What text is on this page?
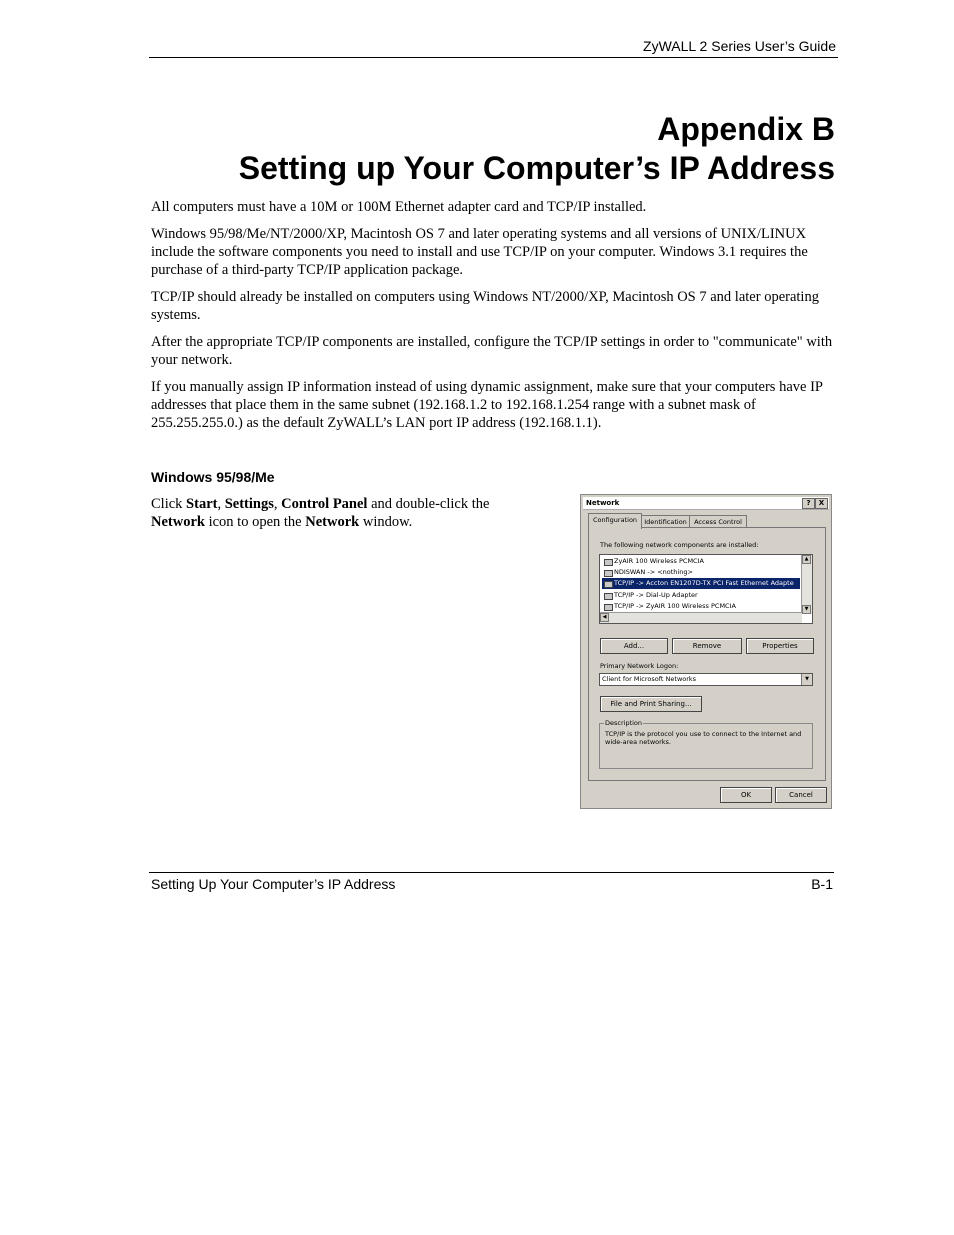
ZyWALL 2 Series User’s Guide
Appendix B
Setting up Your Computer’s IP Address

All computers must have a 10M or 100M Ethernet adapter card and TCP/IP installed.

Windows 95/98/Me/NT/2000/XP, Macintosh OS 7 and later operating systems and all versions of UNIX/LINUX include the software components you need to install and use TCP/IP on your computer. Windows 3.1 requires the purchase of a third-party TCP/IP application package.

TCP/IP should already be installed on computers using Windows NT/2000/XP, Macintosh OS 7 and later operating systems.

After the appropriate TCP/IP components are installed, configure the TCP/IP settings in order to "communicate" with your network.

If you manually assign IP information instead of using dynamic assignment, make sure that your computers have IP addresses that place them in the same subnet (192.168.1.2 to 192.168.1.254 range with a subnet mask of 255.255.255.0.) as the default ZyWALL’s LAN port IP address (192.168.1.1).

Windows 95/98/Me
Click Start, Settings, Control Panel and double-click the
Network icon to open the Network window.
Network	?	X
Identification	Access Control
Configuration
The following network components are installed:
ZyAIR 100 Wireless PCMCIA
NDISWAN -> <nothing>
TCP/IP -> Accton EN1207D-TX PCI Fast Ethernet Adapte
TCP/IP -> Dial-Up Adapter
TCP/IP -> ZyAIR 100 Wireless PCMCIA
▲
▼
◀
Add...	Remove	Properties
Primary Network Logon:
Client for Microsoft Networks	▼
File and Print Sharing...
Description
TCP/IP is the protocol you use to connect to the Internet and wide-area networks.
OK	Cancel
Setting Up Your Computer’s IP Address	B-1
